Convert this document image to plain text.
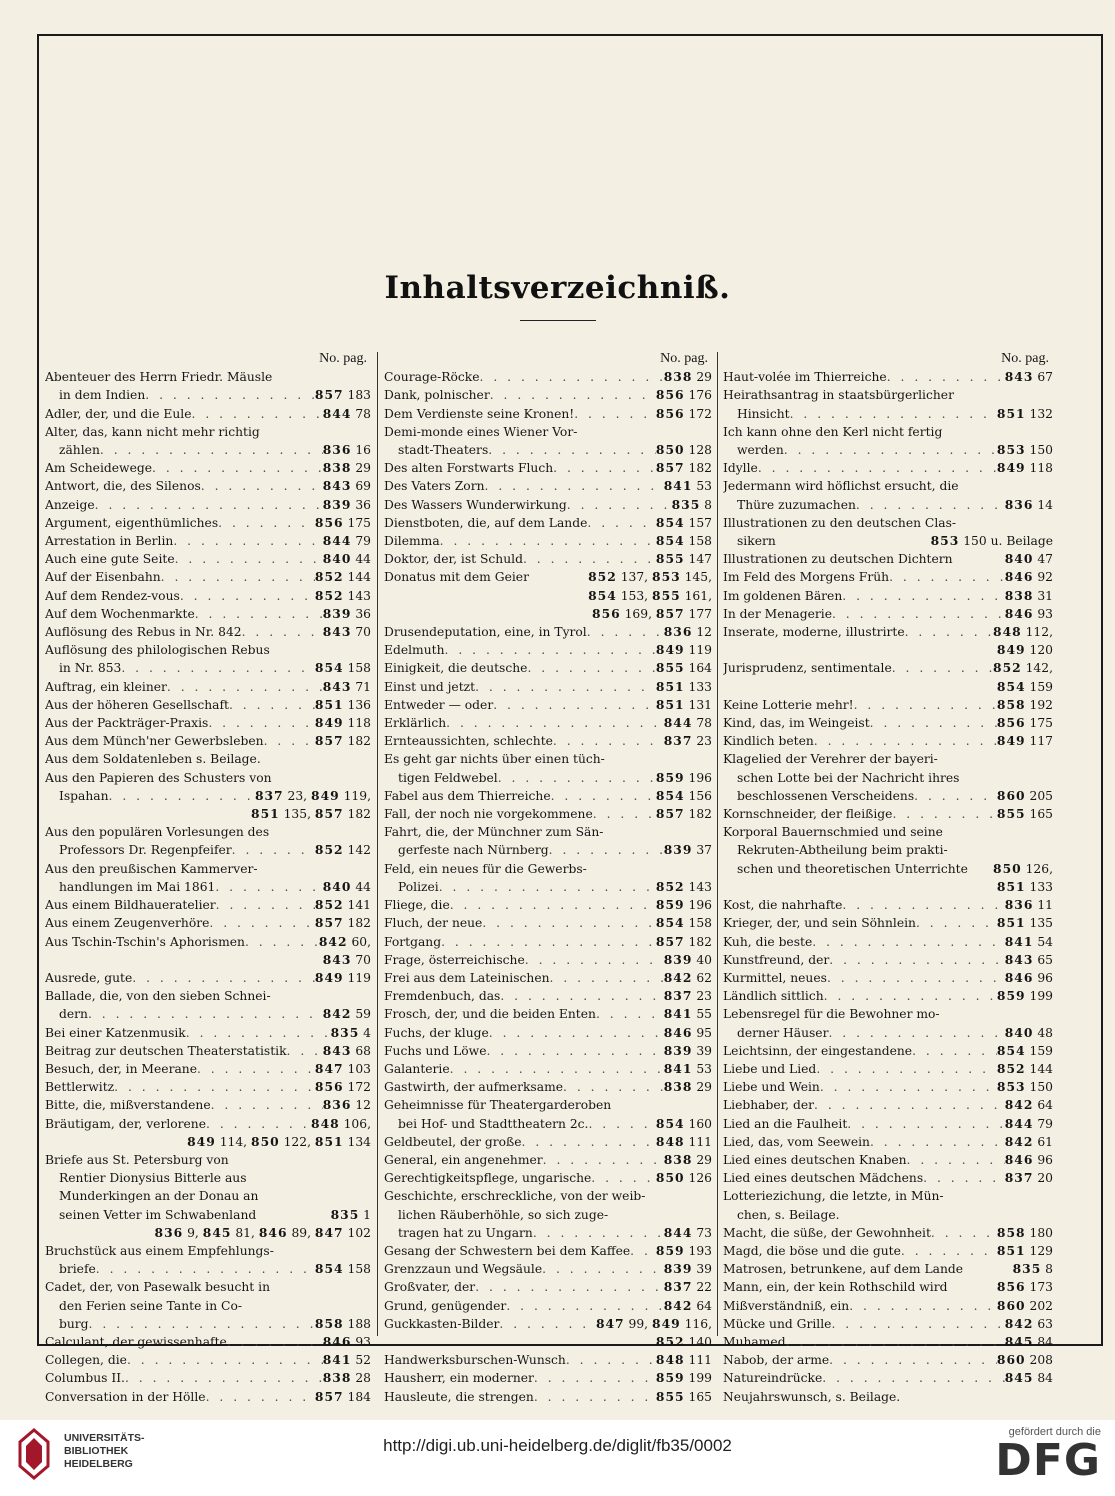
Inhaltsverzeichniß.
No. pag.
Abenteuer des Herrn Friedr. Mäusle
in dem Indien . . .	857 183
Adler, der, und die Eule . . .	844 78
Alter, das, kann nicht mehr richtig
zählen . . .	836 16
Am Scheidewege . . .	838 29
Antwort, die, des Silenos . . .	843 69
Anzeige . . .	839 36
Argument, eigenthümliches . . .	856 175
Arrestation in Berlin . . .	844 79
Auch eine gute Seite . . .	840 44
Auf der Eisenbahn . . .	852 144
Auf dem Rendez-vous . . .	852 143
Auf dem Wochenmarkte . . .	839 36
Auflösung des Rebus in Nr. 842 . . .	843 70
Auflösung des philologischen Rebus
in Nr. 853 . . .	854 158
Auftrag, ein kleiner . . .	843 71
Aus der höheren Gesellschaft . . .	851 136
Aus der Packträger-Praxis . . .	849 118
Aus dem Münch'ner Gewerbsleben . . .	857 182
Aus dem Soldatenleben s. Beilage.
Aus den Papieren des Schusters von
Ispahan . . .	837 23, 849 119,
851 135, 857 182
Aus den populären Vorlesungen des
Professors Dr. Regenpfeifer . . .	852 142
Aus den preußischen Kammerver-
handlungen im Mai 1861 . . .	840 44
Aus einem Bildhaueratelier . . .	852 141
Aus einem Zeugenverhöre . . .	857 182
Aus Tschin-Tschin's Aphorismen . . .	842 60,
843 70
Ausrede, gute . . .	849 119
Ballade, die, von den sieben Schnei-
dern . . .	842 59
Bei einer Katzenmusik . . .	835 4
Beitrag zur deutschen Theaterstatistik . . .	843 68
Besuch, der, in Meerane . . .	847 103
Bettlerwitz . . .	856 172
Bitte, die, mißverstandene . . .	836 12
Bräutigam, der, verlorene . . .	848 106,
849 114, 850 122, 851 134
Briefe aus St. Petersburg von
Rentier Dionysius Bitterle aus
Munderkingen an der Donau an
seinen Vetter im Schwabenland	835 1
836 9, 845 81, 846 89, 847 102
Bruchstück aus einem Empfehlungs-
briefe . . .	854 158
Cadet, der, von Pasewalk besucht in
den Ferien seine Tante in Co-
burg . . .	858 188
Calculant, der gewissenhafte . . .	846 93
Collegen, die . . .	841 52
Columbus II. . . .	838 28
Conversation in der Hölle . . .	857 184
No. pag.
Courage-Röcke . . .	838 29
Dank, polnischer . . .	856 176
Dem Verdienste seine Kronen! . . .	856 172
Demi-monde eines Wiener Vor-
stadt-Theaters . . .	850 128
Des alten Forstwarts Fluch . . .	857 182
Des Vaters Zorn . . .	841 53
Des Wassers Wunderwirkung . . .	835 8
Dienstboten, die, auf dem Lande . . .	854 157
Dilemma . . .	854 158
Doktor, der, ist Schuld . . .	855 147
Donatus mit dem Geier	852 137, 853 145,
854 153, 855 161,
856 169, 857 177
Drusendeputation, eine, in Tyrol . . .	836 12
Edelmuth . . .	849 119
Einigkeit, die deutsche . . .	855 164
Einst und jetzt . . .	851 133
Entweder — oder . . .	851 131
Erklärlich . . .	844 78
Ernteaussichten, schlechte . . .	837 23
Es geht gar nichts über einen tüch-
tigen Feldwebel . . .	859 196
Fabel aus dem Thierreiche . . .	854 156
Fall, der noch nie vorgekommene . . .	857 182
Fahrt, die, der Münchner zum Sän-
gerfeste nach Nürnberg . . .	839 37
Feld, ein neues für die Gewerbs-
Polizei . . .	852 143
Fliege, die . . .	859 196
Fluch, der neue . . .	854 158
Fortgang . . .	857 182
Frage, österreichische . . .	839 40
Frei aus dem Lateinischen . . .	842 62
Fremdenbuch, das . . .	837 23
Frosch, der, und die beiden Enten . . .	841 55
Fuchs, der kluge . . .	846 95
Fuchs und Löwe . . .	839 39
Galanterie . . .	841 53
Gastwirth, der aufmerksame . . .	838 29
Geheimnisse für Theatergarderoben
bei Hof- und Stadttheatern 2c. . . .	854 160
Geldbeutel, der große . . .	848 111
General, ein angenehmer . . .	838 29
Gerechtigkeitspflege, ungarische . . .	850 126
Geschichte, erschreckliche, von der weib-
lichen Räuberhöhle, so sich zuge-
tragen hat zu Ungarn . . .	844 73
Gesang der Schwestern bei dem Kaffee . . . 859 193
Grenzzaun und Wegsäule . . .	839 39
Großvater, der . . .	837 22
Grund, genügender . . .	842 64
Guckkasten-Bilder . . .	847 99, 849 116,
852 140
Handwerksburschen-Wunsch . . .	848 111
Hausherr, ein moderner . . .	859 199
Hausleute, die strengen . . .	855 165
No. pag.
Haut-volée im Thierreiche . . .	843 67
Heirathsantrag in staatsbürgerlicher
Hinsicht . . .	851 132
Ich kann ohne den Kerl nicht fertig
werden . . .	853 150
Idylle . . .	849 118
Jedermann wird höflichst ersucht, die
Thüre zuzumachen . . .	836 14
Illustrationen zu den deutschen Clas-
sikern	853 150 u. Beilage
Illustrationen zu deutschen Dichtern	840 47
Im Feld des Morgens Früh . . .	846 92
Im goldenen Bären . . .	838 31
In der Menagerie . . .	846 93
Inserate, moderne, illustrirte . . .	848 112,
849 120
Jurisprudenz, sentimentale . . .	852 142,
854 159
Keine Lotterie mehr! . . .	858 192
Kind, das, im Weingeist . . .	856 175
Kindlich beten . . .	849 117
Klagelied der Verehrer der bayeri-
schen Lotte bei der Nachricht ihres
beschlossenen Verscheidens . . .	860 205
Kornschneider, der fleißige . . .	855 165
Korporal Bauernschmied und seine
Rekruten-Abtheilung beim prakti-
schen und theoretischen Unterrichte 850 126,
851 133
Kost, die nahrhafte . . .	836 11
Krieger, der, und sein Söhnlein . . .	851 135
Kuh, die beste . . .	841 54
Kunstfreund, der . . .	843 65
Kurmittel, neues . . .	846 96
Ländlich sittlich . . .	859 199
Lebensregel für die Bewohner mo-
derner Häuser . . .	840 48
Leichtsinn, der eingestandene . . .	854 159
Liebe und Lied . . .	852 144
Liebe und Wein . . .	853 150
Liebhaber, der . . .	842 64
Lied an die Faulheit . . .	844 79
Lied, das, vom Seewein . . .	842 61
Lied eines deutschen Knaben . . .	846 96
Lied eines deutschen Mädchens . . .	837 20
Lotteriezichung, die letzte, in Mün-
chen, s. Beilage.
Macht, die süße, der Gewohnheit . . .	858 180
Magd, die böse und die gute . . .	851 129
Matrosen, betrunkene, auf dem Lande	835 8
Mann, ein, der kein Rothschild wird	856 173
Mißverständniß, ein . . .	860 202
Mücke und Grille . . .	842 63
Muhamed . . .	845 84
Nabob, der arme . . .	860 208
Natureindrücke . . .	845 84
Neujahrswunsch, s. Beilage.
UNIVERSITÄTS-
BIBLIOTHEK
HEIDELBERG
http://digi.ub.uni-heidelberg.de/diglit/fb35/0002
gefördert durch die
DFG
